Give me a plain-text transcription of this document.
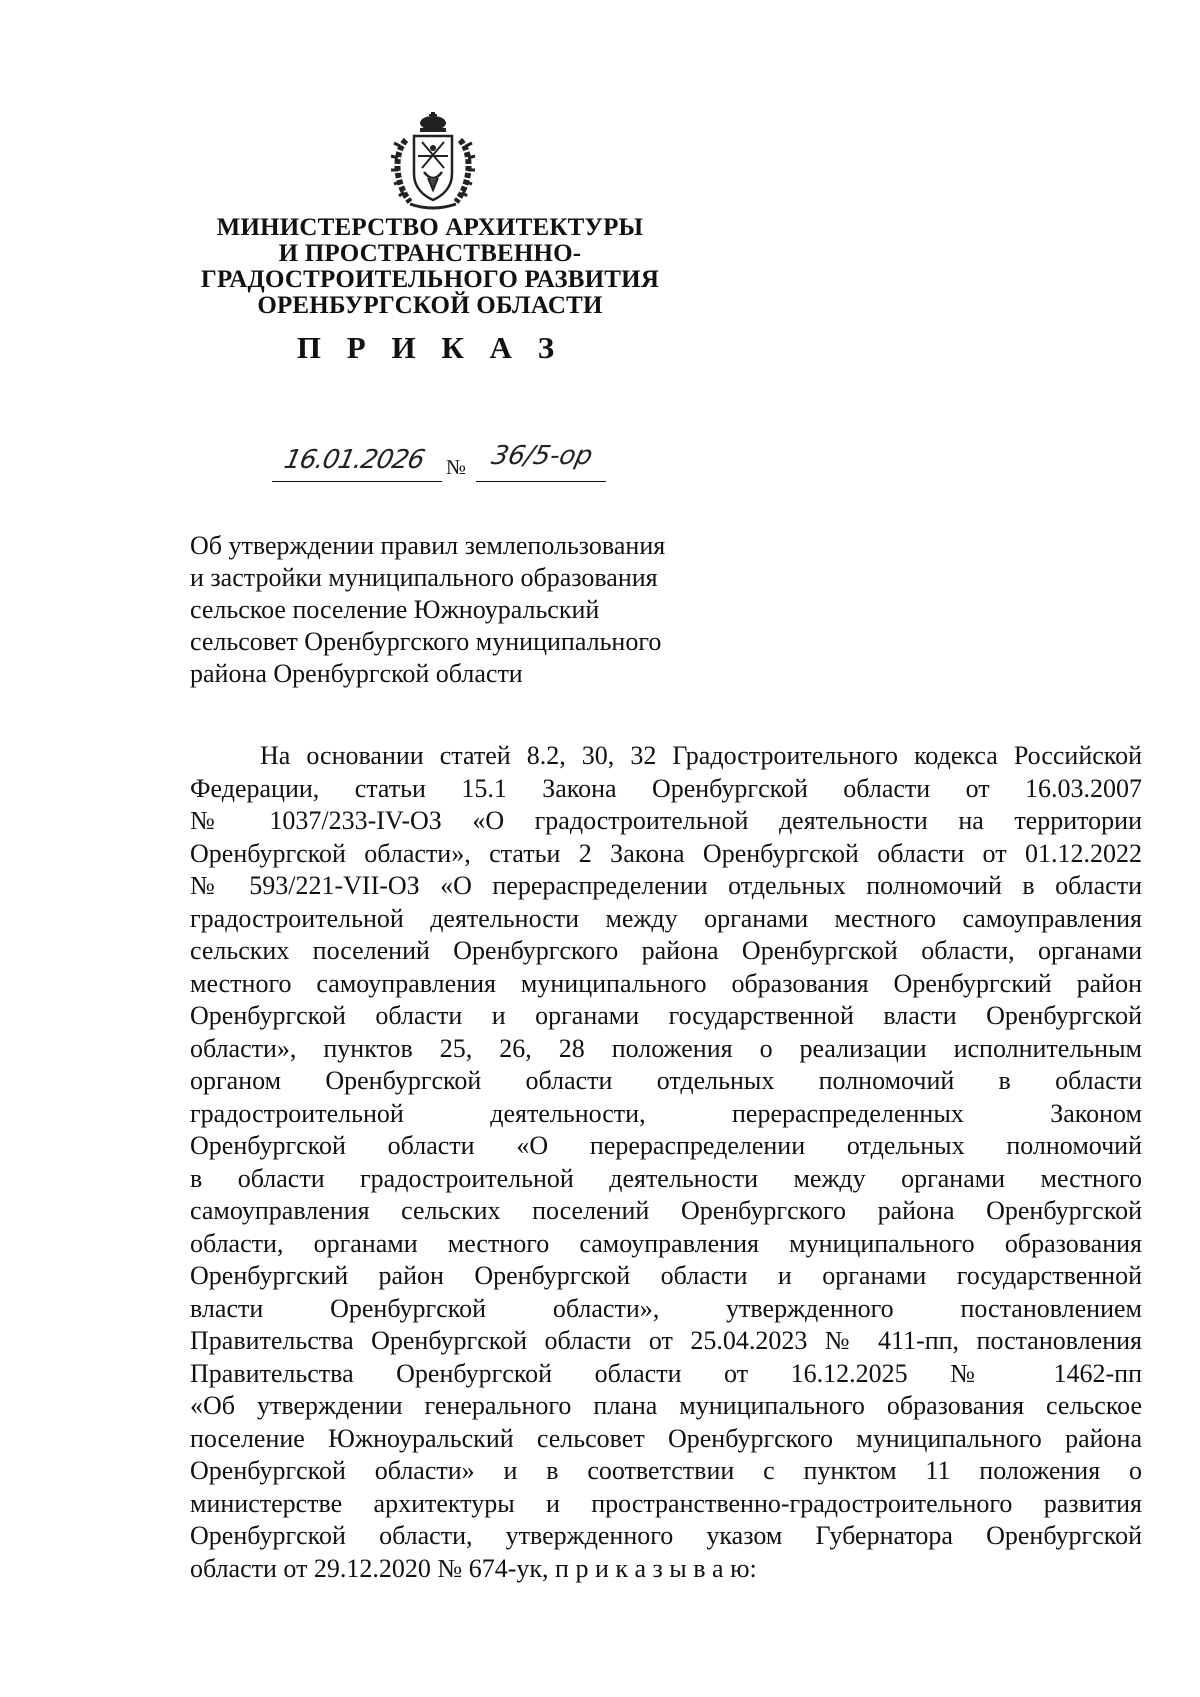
МИНИСТЕРСТВО АРХИТЕКТУРЫ
И ПРОСТРАНСТВЕННО-
ГРАДОСТРОИТЕЛЬНОГО РАЗВИТИЯ
ОРЕНБУРГСКОЙ ОБЛАСТИ
П Р И К А З
16.01.2026 № 36/5-op
Об утверждении правил землепользования
и застройки муниципального образования
сельское поселение Южноуральский
сельсовет Оренбургского муниципального
района Оренбургской области
На основании статей 8.2, 30, 32 Градостроительного кодекса Российской
Федерации, статьи 15.1 Закона Оренбургской области от 16.03.2007
№ 1037/233-IV-ОЗ «О градостроительной деятельности на территории
Оренбургской области», статьи 2 Закона Оренбургской области от 01.12.2022
№ 593/221-VII-ОЗ «О перераспределении отдельных полномочий в области
градостроительной деятельности между органами местного самоуправления
сельских поселений Оренбургского района Оренбургской области, органами
местного самоуправления муниципального образования Оренбургский район
Оренбургской области и органами государственной власти Оренбургской
области», пунктов 25, 26, 28 положения о реализации исполнительным
органом Оренбургской области отдельных полномочий в области
градостроительной деятельности, перераспределенных Законом
Оренбургской области «О перераспределении отдельных полномочий
в области градостроительной деятельности между органами местного
самоуправления сельских поселений Оренбургского района Оренбургской
области, органами местного самоуправления муниципального образования
Оренбургский район Оренбургской области и органами государственной
власти Оренбургской области», утвержденного постановлением
Правительства Оренбургской области от 25.04.2023 № 411-пп, постановления
Правительства Оренбургской области от 16.12.2025 № 1462-пп
«Об утверждении генерального плана муниципального образования сельское
поселение Южноуральский сельсовет Оренбургского муниципального района
Оренбургской области» и в соответствии с пунктом 11 положения о
министерстве архитектуры и пространственно-градостроительного развития
Оренбургской области, утвержденного указом Губернатора Оренбургской
области от 29.12.2020 № 674-ук, п р и к а з ы в а ю:
